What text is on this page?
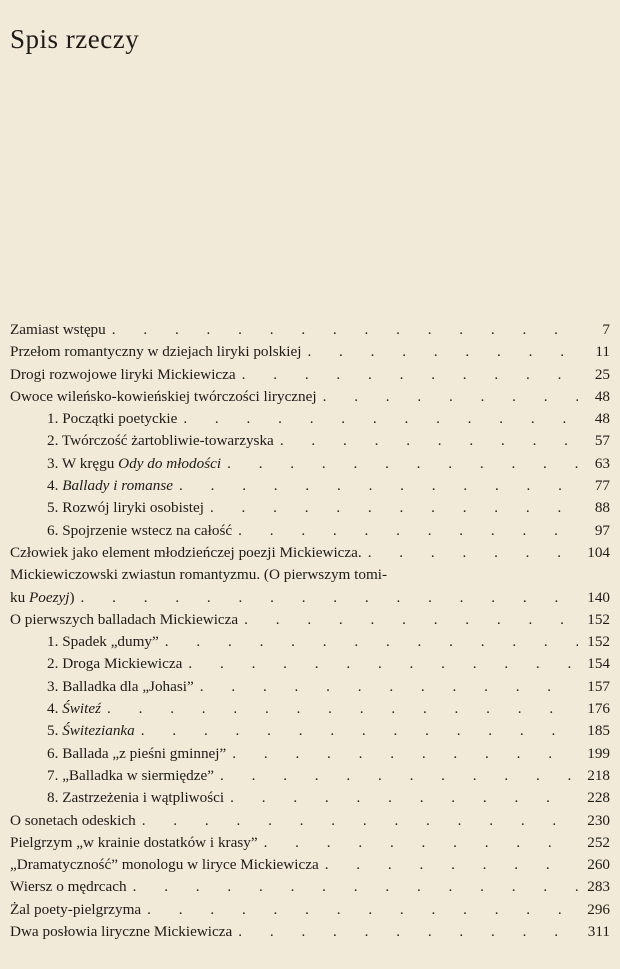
Spis rzeczy
Zamiast wstępu . . .	7
Przełom romantyczny w dziejach liryki polskiej . . .	11
Drogi rozwojowe liryki Mickiewicza . . .	25
Owoce wileńsko-kowieńskiej twórczości lirycznej . . .	48
1. Początki poetyckie . . .	48
2. Twórczość żartobliwie-towarzyska . . .	57
3. W kręgu Ody do młodości . . .	63
4. Ballady i romanse . . .	77
5. Rozwój liryki osobistej . . .	88
6. Spojrzenie wstecz na całość . . .	97
Człowiek jako element młodzieńczej poezji Mickiewicza. . . .	104
Mickiewiczowski zwiastun romantyzmu. (O pierwszym tomi-
ku Poezyj) . . .	140
O pierwszych balladach Mickiewicza . . .	152
1. Spadek „dumy” . . .	152
2. Droga Mickiewicza . . .	154
3. Balladka dla „Johasi” . . .	157
4. Świteź . . .	176
5. Świtezianka . . .	185
6. Ballada „z pieśni gminnej” . . .	199
7. „Balladka w siermiędze” . . .	218
8. Zastrzeżenia i wątpliwości . . .	228
O sonetach odeskich . . .	230
Pielgrzym „w krainie dostatków i krasy” . . .	252
„Dramatyczność” monologu w liryce Mickiewicza . . .	260
Wiersz o mędrcach . . .	283
Żal poety-pielgrzyma . . .	296
Dwa posłowia liryczne Mickiewicza . . .	311
